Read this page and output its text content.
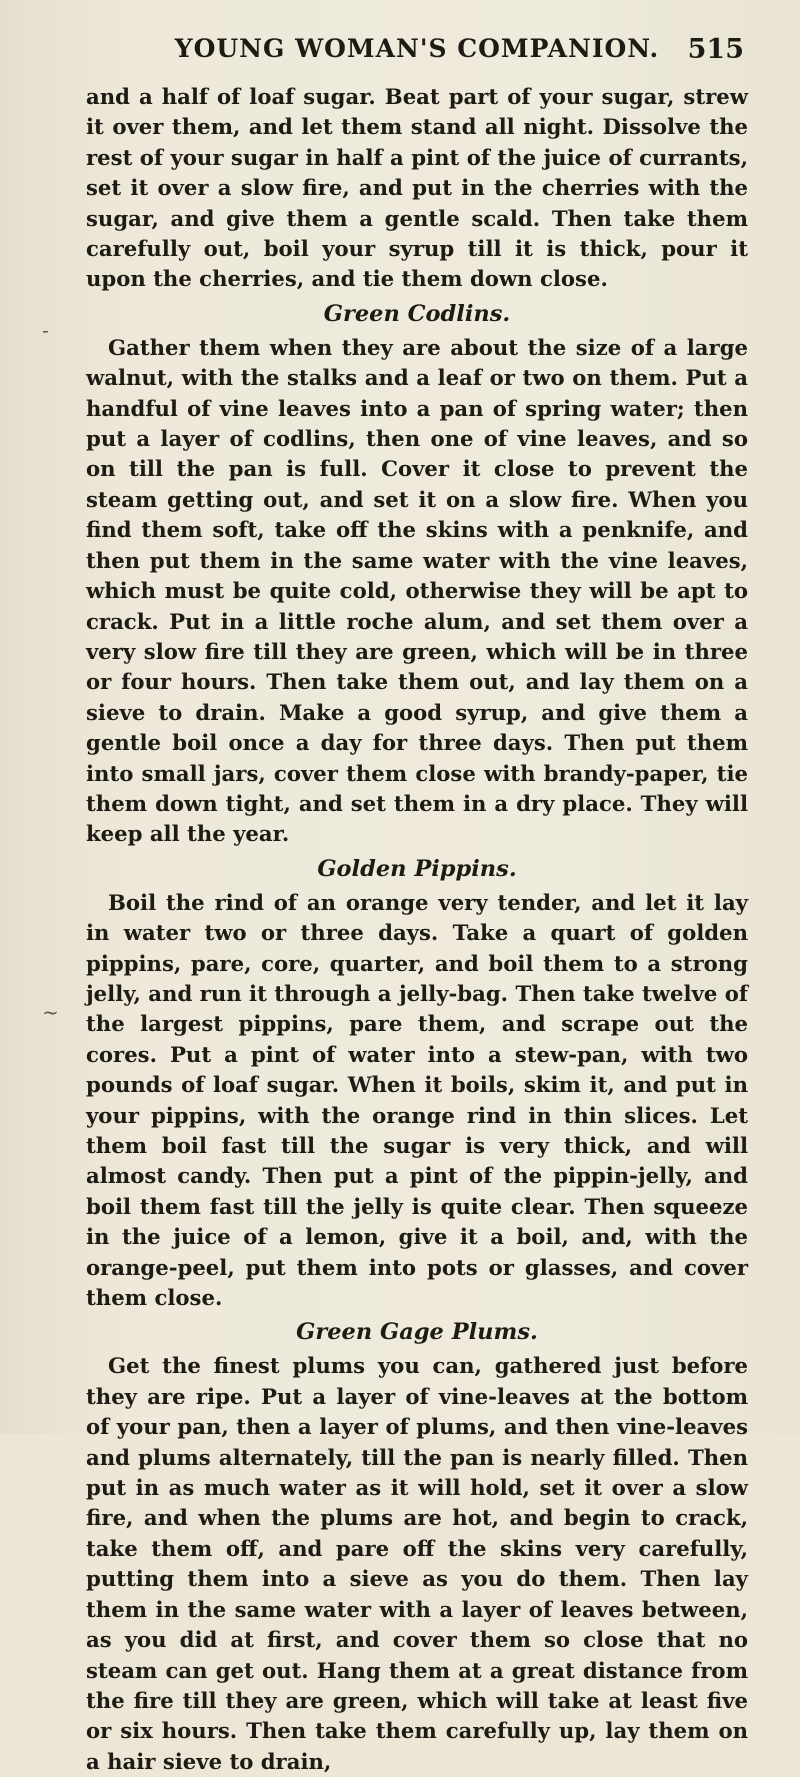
‑
~
YOUNG WOMAN'S COMPANION. 515

and a half of loaf sugar. Beat part of your sugar, strew it over them, and let them stand all night. Dissolve the rest of your sugar in half a pint of the juice of currants, set it over a slow fire, and put in the cherries with the sugar, and give them a gentle scald. Then take them carefully out, boil your syrup till it is thick, pour it upon the cherries, and tie them down close.

Green Codlins.

Gather them when they are about the size of a large walnut, with the stalks and a leaf or two on them. Put a handful of vine leaves into a pan of spring water; then put a layer of codlins, then one of vine leaves, and so on till the pan is full. Cover it close to prevent the steam getting out, and set it on a slow fire. When you find them soft, take off the skins with a penknife, and then put them in the same water with the vine leaves, which must be quite cold, otherwise they will be apt to crack. Put in a little roche alum, and set them over a very slow fire till they are green, which will be in three or four hours. Then take them out, and lay them on a sieve to drain. Make a good syrup, and give them a gentle boil once a day for three days. Then put them into small jars, cover them close with brandy-paper, tie them down tight, and set them in a dry place. They will keep all the year.

Golden Pippins.

Boil the rind of an orange very tender, and let it lay in water two or three days. Take a quart of golden pippins, pare, core, quarter, and boil them to a strong jelly, and run it through a jelly-bag. Then take twelve of the largest pippins, pare them, and scrape out the cores. Put a pint of water into a stew-pan, with two pounds of loaf sugar. When it boils, skim it, and put in your pippins, with the orange rind in thin slices. Let them boil fast till the sugar is very thick, and will almost candy. Then put a pint of the pippin-jelly, and boil them fast till the jelly is quite clear. Then squeeze in the juice of a lemon, give it a boil, and, with the orange-peel, put them into pots or glasses, and cover them close.

Green Gage Plums.

Get the finest plums you can, gathered just before they are ripe. Put a layer of vine-leaves at the bottom of your pan, then a layer of plums, and then vine-leaves and plums alternately, till the pan is nearly filled. Then put in as much water as it will hold, set it over a slow fire, and when the plums are hot, and begin to crack, take them off, and pare off the skins very carefully, putting them into a sieve as you do them. Then lay them in the same water with a layer of leaves between, as you did at first, and cover them so close that no steam can get out. Hang them at a great distance from the fire till they are green, which will take at least five or six hours. Then take them carefully up, lay them on a hair sieve to drain,
